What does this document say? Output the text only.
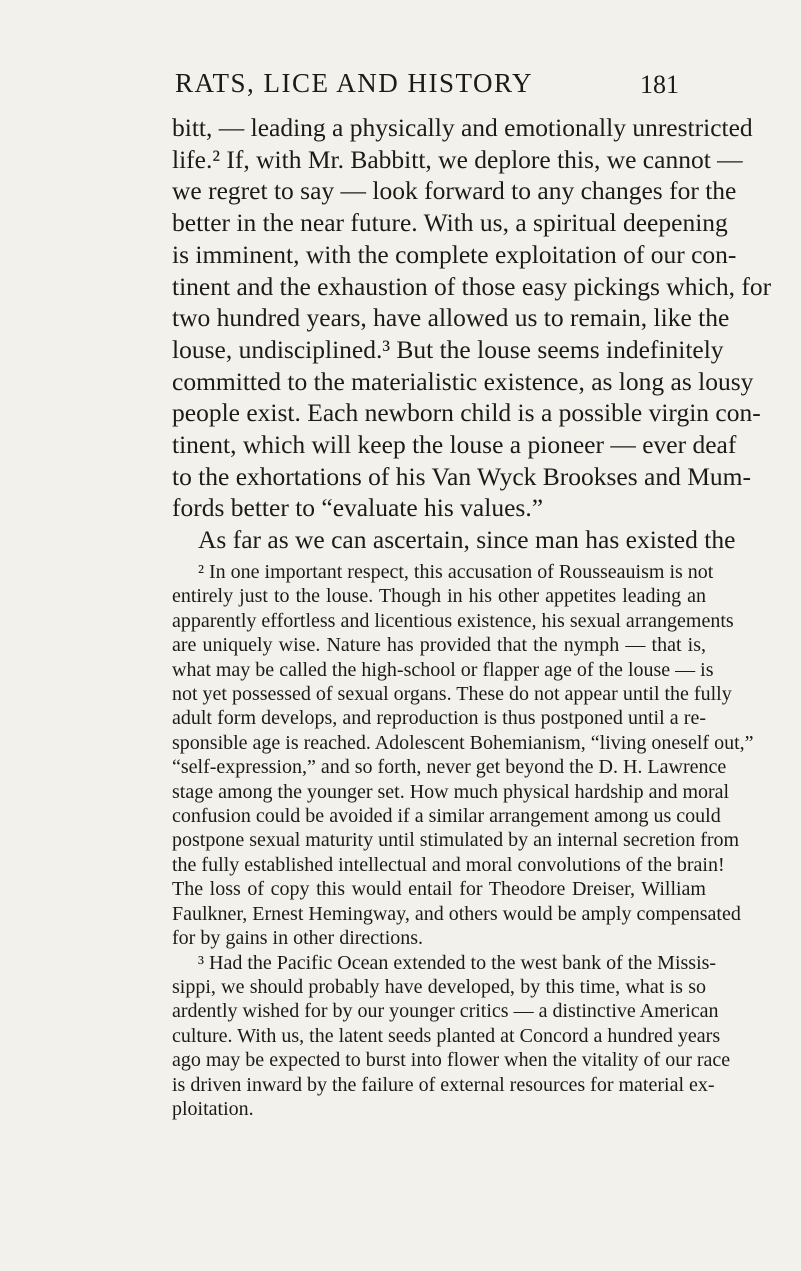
RATS, LICE AND HISTORY	181
bitt, — leading a physically and emotionally unrestricted
life.² If, with Mr. Babbitt, we deplore this, we cannot —
we regret to say — look forward to any changes for the
better in the near future. With us, a spiritual deepening
is imminent, with the complete exploitation of our con-
tinent and the exhaustion of those easy pickings which, for
two hundred years, have allowed us to remain, like the
louse, undisciplined.³ But the louse seems indefinitely
committed to the materialistic existence, as long as lousy
people exist. Each newborn child is a possible virgin con-
tinent, which will keep the louse a pioneer — ever deaf
to the exhortations of his Van Wyck Brookses and Mum-
fords better to “evaluate his values.”
As far as we can ascertain, since man has existed the
² In one important respect, this accusation of Rousseauism is not
entirely just to the louse. Though in his other appetites leading an
apparently effortless and licentious existence, his sexual arrangements
are uniquely wise. Nature has provided that the nymph — that is,
what may be called the high-school or flapper age of the louse — is
not yet possessed of sexual organs. These do not appear until the fully
adult form develops, and reproduction is thus postponed until a re-
sponsible age is reached. Adolescent Bohemianism, “living oneself out,”
“self-expression,” and so forth, never get beyond the D. H. Lawrence
stage among the younger set. How much physical hardship and moral
confusion could be avoided if a similar arrangement among us could
postpone sexual maturity until stimulated by an internal secretion from
the fully established intellectual and moral convolutions of the brain!
The loss of copy this would entail for Theodore Dreiser, William
Faulkner, Ernest Hemingway, and others would be amply compensated
for by gains in other directions.
³ Had the Pacific Ocean extended to the west bank of the Missis-
sippi, we should probably have developed, by this time, what is so
ardently wished for by our younger critics — a distinctive American
culture. With us, the latent seeds planted at Concord a hundred years
ago may be expected to burst into flower when the vitality of our race
is driven inward by the failure of external resources for material ex-
ploitation.
